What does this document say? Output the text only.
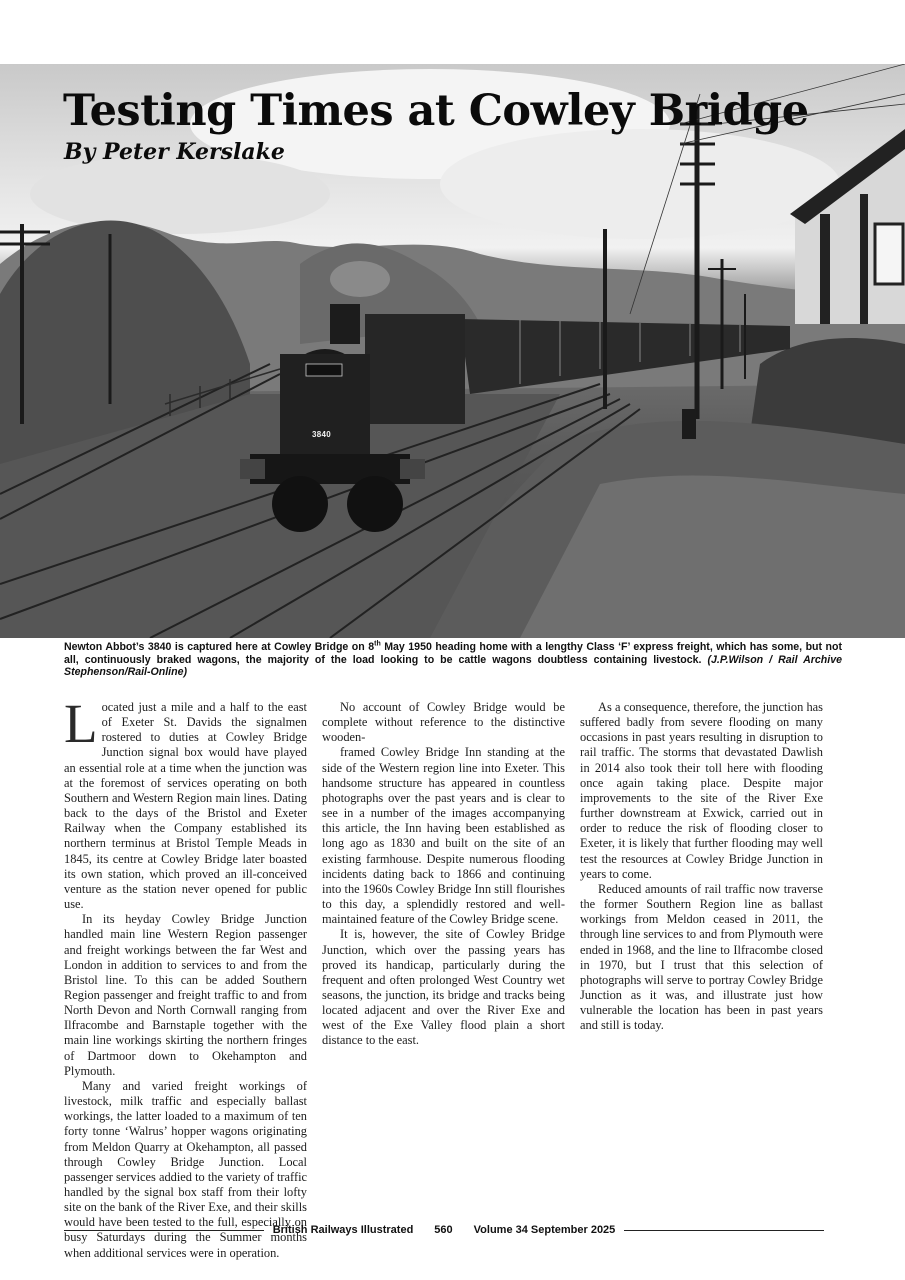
Testing Times at Cowley Bridge
By Peter Kerslake
3840

Newton Abbot’s 3840 is captured here at Cowley Bridge on 8th May 1950 heading home with a lengthy Class ‘F’ express freight, which has some, but not all, continuously braked wagons, the majority of the load looking to be cattle wagons doubtless containing livestock. (J.P.Wilson / Rail Archive Stephenson/Rail-Online)

Located just a mile and a half to the east of Exeter St. Davids the signalmen rostered to duties at Cowley Bridge Junction signal box would have played an essential role at a time when the junction was at the foremost of services operating on both Southern and Western Region main lines. Dating back to the days of the Bristol and Exeter Railway when the Company established its northern terminus at Bristol Temple Meads in 1845, its centre at Cowley Bridge later boasted its own station, which proved an ill-conceived venture as the station never opened for public use.

In its heyday Cowley Bridge Junction handled main line Western Region passenger and freight workings between the far West and London in addition to services to and from the Bristol line. To this can be added Southern Region passenger and freight traffic to and from North Devon and North Cornwall ranging from Ilfracombe and Barnstaple together with the main line workings skirting the northern fringes of Dartmoor down to Okehampton and Plymouth.

Many and varied freight workings of livestock, milk traffic and especially ballast workings, the latter loaded to a maximum of ten forty tonne ‘Walrus’ hopper wagons originating from Meldon Quarry at Okehampton, all passed through Cowley Bridge Junction. Local passenger services addied to the variety of traffic handled by the signal box staff from their lofty site on the bank of the River Exe, and their skills would have been tested to the full, especially on busy Saturdays during the Summer months when additional services were in operation.

No account of Cowley Bridge would be complete without reference to the distinctive wooden-

framed Cowley Bridge Inn standing at the side of the Western region line into Exeter. This handsome structure has appeared in countless photographs over the past years and is clear to see in a number of the images accompanying this article, the Inn having been established as long ago as 1830 and built on the site of an existing farmhouse. Despite numerous flooding incidents dating back to 1866 and continuing into the 1960s Cowley Bridge Inn still flourishes to this day, a splendidly restored and well-maintained feature of the Cowley Bridge scene.

It is, however, the site of Cowley Bridge Junction, which over the passing years has proved its handicap, particularly during the frequent and often prolonged West Country wet seasons, the junction, its bridge and tracks being located adjacent and over the River Exe and west of the Exe Valley flood plain a short distance to the east.

As a consequence, therefore, the junction has suffered badly from severe flooding on many occasions in past years resulting in disruption to rail traffic. The storms that devastated Dawlish in 2014 also took their toll here with flooding once again taking place. Despite major improvements to the site of the River Exe further downstream at Exwick, carried out in order to reduce the risk of flooding closer to Exeter, it is likely that further flooding may well test the resources at Cowley Bridge Junction in years to come.

Reduced amounts of rail traffic now traverse the former Southern Region line as ballast workings from Meldon ceased in 2011, the through line services to and from Plymouth were ended in 1968, and the line to Ilfracombe closed in 1970, but I trust that this selection of photographs will serve to portray Cowley Bridge Junction as it was, and illustrate just how vulnerable the location has been in past years and still is today.

British Railways Illustrated	560	Volume 34 September 2025
